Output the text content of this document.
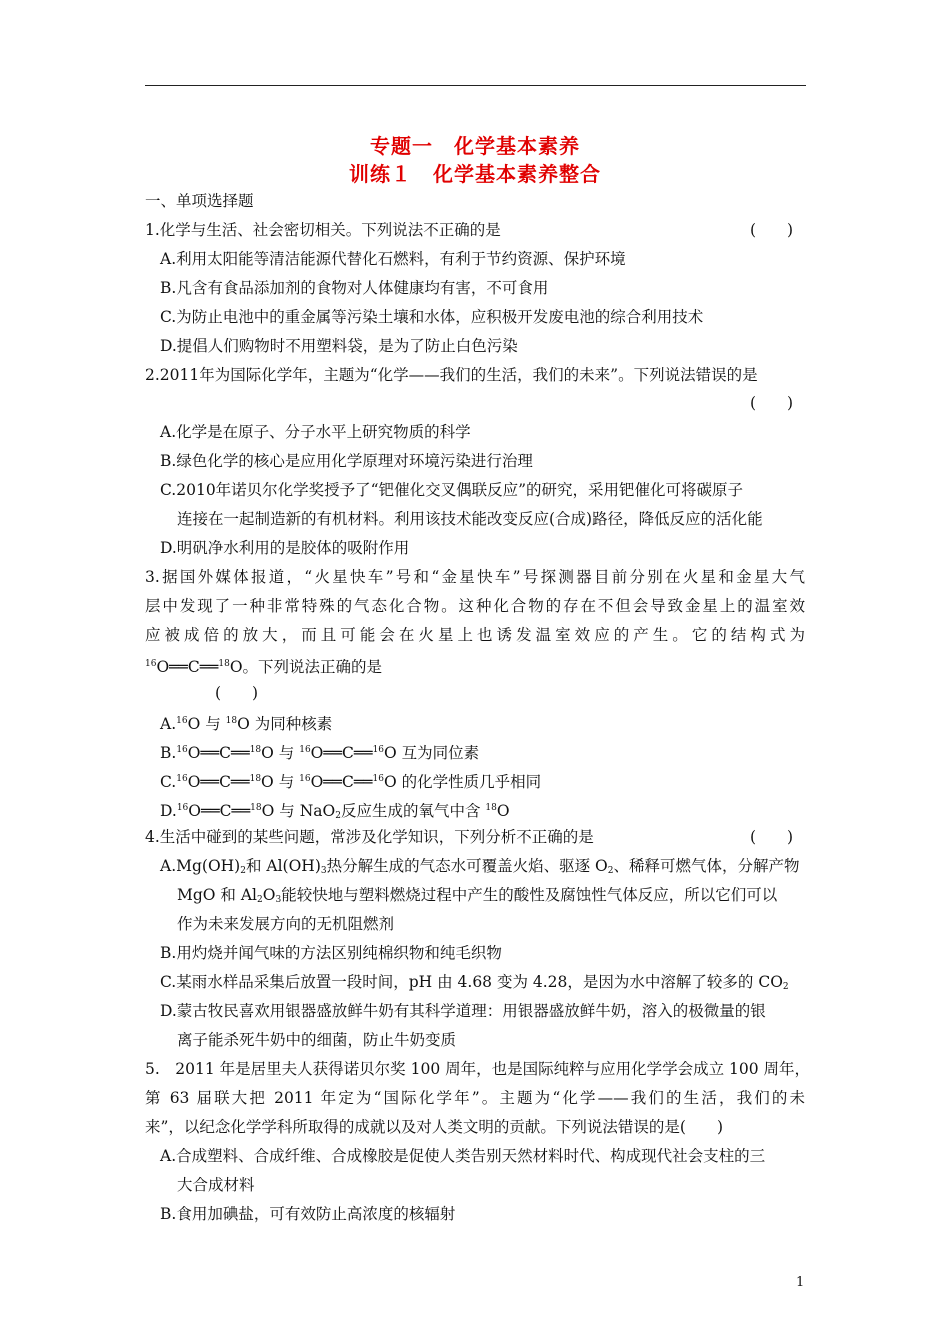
专题一　化学基本素养
训练１　化学基本素养整合
一、单项选择题
1.化学与生活、社会密切相关。下列说法不正确的是	(　　)
A.利用太阳能等清洁能源代替化石燃料，有利于节约资源、保护环境
B.凡含有食品添加剂的食物对人体健康均有害，不可食用
C.为防止电池中的重金属等污染土壤和水体，应积极开发废电池的综合利用技术
D.提倡人们购物时不用塑料袋，是为了防止白色污染
2.2011年为国际化学年，主题为“化学——我们的生活，我们的未来”。下列说法错误的是
(　　)
A.化学是在原子、分子水平上研究物质的科学
B.绿色化学的核心是应用化学原理对环境污染进行治理
C.2010年诺贝尔化学奖授予了“钯催化交叉偶联反应”的研究，采用钯催化可将碳原子
连接在一起制造新的有机材料。利用该技术能改变反应(合成)路径，降低反应的活化能
D.明矾净水利用的是胶体的吸附作用
3.据国外媒体报道，“火星快车”号和“金星快车”号探测器目前分别在火星和金星大气
层中发现了一种非常特殊的气态化合物。这种化合物的存在不但会导致金星上的温室效
应被成倍的放大，而且可能会在火星上也诱发温室效应的产生。它的结构式为
$^{16}$O══C══$^{18}$O。下列说法正确的是
(　　)
A.$^{16}$O 与 $^{18}$O 为同种核素
B.$^{16}$O══C══$^{18}$O 与 $^{16}$O══C══$^{16}$O 互为同位素
C.$^{16}$O══C══$^{18}$O 与 $^{16}$O══C══$^{16}$O 的化学性质几乎相同
D.$^{16}$O══C══$^{18}$O 与 NaO$_2$反应生成的氧气中含 $^{18}$O
4.生活中碰到的某些问题，常涉及化学知识，下列分析不正确的是	(　　)
$A.Mg(OH)_2$和 $Al(OH)_3$热分解生成的气态水可覆盖火焰、驱逐 $O_2$、稀释可燃气体，分解产物
MgO 和 $Al_2O_3$能较快地与塑料燃烧过程中产生的酸性及腐蚀性气体反应，所以它们可以
作为未来发展方向的无机阻燃剂
B.用灼烧并闻气味的方法区别纯棉织物和纯毛织物
C.某雨水样品采集后放置一段时间，pH 由 4.68 变为 4.28，是因为水中溶解了较多的 $CO_2$
D.蒙古牧民喜欢用银器盛放鲜牛奶有其科学道理：用银器盛放鲜牛奶，溶入的极微量的银
离子能杀死牛奶中的细菌，防止牛奶变质
5.　2011 年是居里夫人获得诺贝尔奖 100 周年，也是国际纯粹与应用化学学会成立 100 周年，
第 63 届联大把 2011 年定为“国际化学年”。主题为“化学——我们的生活，我们的未
来”，以纪念化学学科所取得的成就以及对人类文明的贡献。下列说法错误的是(　　)
A.合成塑料、合成纤维、合成橡胶是促使人类告别天然材料时代、构成现代社会支柱的三
大合成材料
B.食用加碘盐，可有效防止高浓度的核辐射
1
